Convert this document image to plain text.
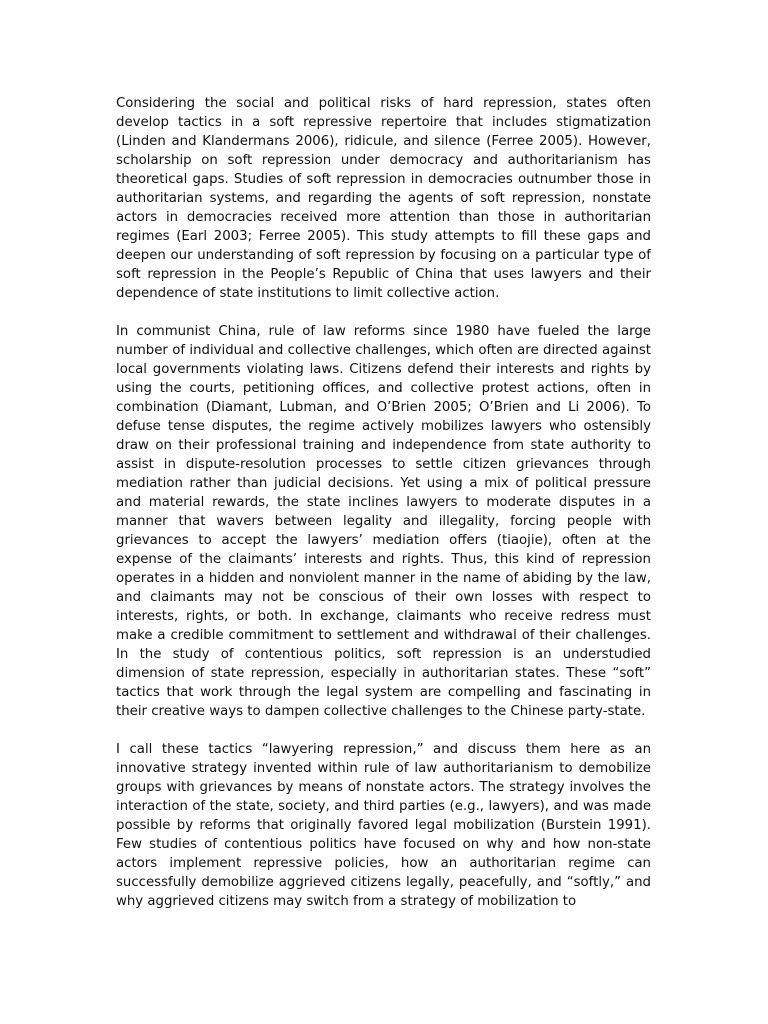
Considering the social and political risks of hard repression, states often develop tactics in a soft repressive repertoire that includes stigmatization (Linden and Klandermans 2006), ridicule, and silence (Ferree 2005). However, scholarship on soft repression under democracy and authoritarianism has theoretical gaps. Studies of soft repression in democracies outnumber those in authoritarian systems, and regarding the agents of soft repression, nonstate actors in democracies received more attention than those in authoritarian regimes (Earl 2003; Ferree 2005). This study attempts to fill these gaps and deepen our understanding of soft repression by focusing on a particular type of soft repression in the People’s Republic of China that uses lawyers and their dependence of state institutions to limit collective action.

In communist China, rule of law reforms since 1980 have fueled the large number of individual and collective challenges, which often are directed against local governments violating laws. Citizens defend their interests and rights by using the courts, petitioning offices, and collective protest actions, often in combination (Diamant, Lubman, and O’Brien 2005; O’Brien and Li 2006). To defuse tense disputes, the regime actively mobilizes lawyers who ostensibly draw on their professional training and independence from state authority to assist in dispute-resolution processes to settle citizen grievances through mediation rather than judicial decisions. Yet using a mix of political pressure and material rewards, the state inclines lawyers to moderate disputes in a manner that wavers between legality and illegality, forcing people with grievances to accept the lawyers’ mediation offers (tiaojie), often at the expense of the claimants’ interests and rights. Thus, this kind of repression operates in a hidden and nonviolent manner in the name of abiding by the law, and claimants may not be conscious of their own losses with respect to interests, rights, or both. In exchange, claimants who receive redress must make a credible commitment to settlement and withdrawal of their challenges. In the study of contentious politics, soft repression is an understudied dimension of state repression, especially in authoritarian states. These “soft” tactics that work through the legal system are compelling and fascinating in their creative ways to dampen collective challenges to the Chinese party-state.

I call these tactics “lawyering repression,” and discuss them here as an innovative strategy invented within rule of law authoritarianism to demobilize groups with grievances by means of nonstate actors. The strategy involves the interaction of the state, society, and third parties (e.g., lawyers), and was made possible by reforms that originally favored legal mobilization (Burstein 1991). Few studies of contentious politics have focused on why and how non-state actors implement repressive policies, how an authoritarian regime can successfully demobilize aggrieved citizens legally, peacefully, and “softly,” and why aggrieved citizens may switch from a strategy of mobilization to
